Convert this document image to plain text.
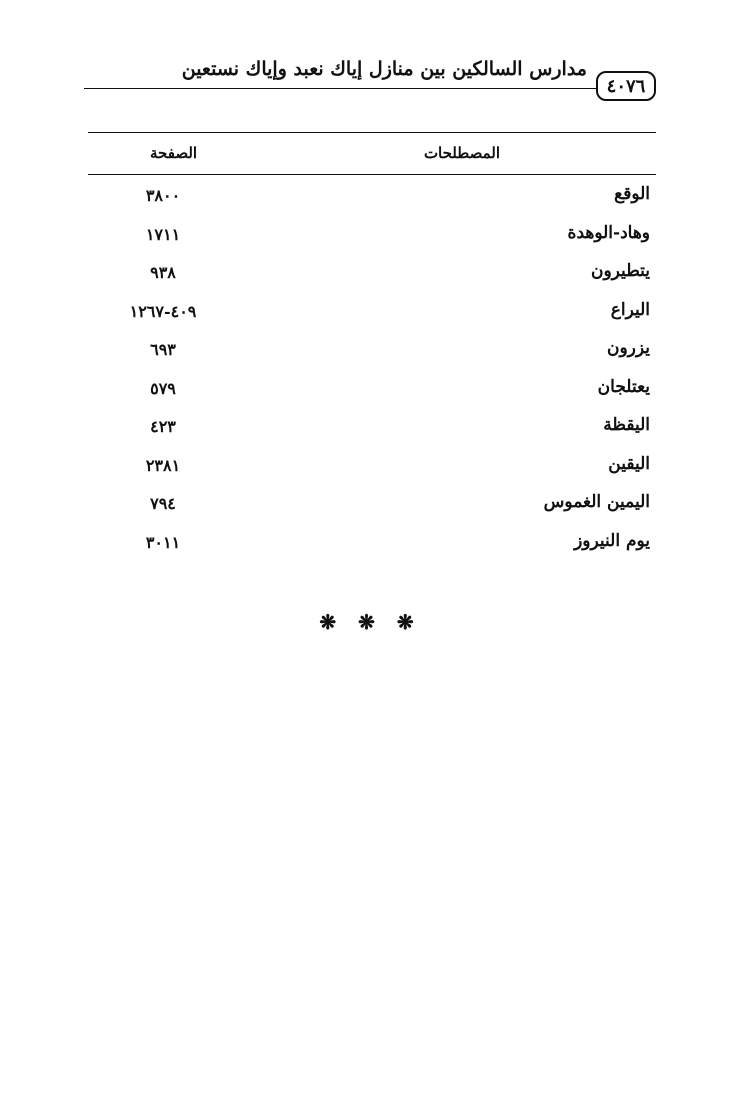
مدارس السالكين بين منازل إياك نعبد وإياك نستعين
٤٠٧٦
المصطلحات
الصفحة
الوقع
٣٨٠٠
وهاد-الوهدة
١٧١١
يتطيرون
٩٣٨
اليراع
٤٠٩-١٢٦٧
يزرون
٦٩٣
يعتلجان
٥٧٩
اليقظة
٤٢٣
اليقين
٢٣٨١
اليمين الغموس
٧٩٤
يوم النيروز
٣٠١١
❋❋❋
